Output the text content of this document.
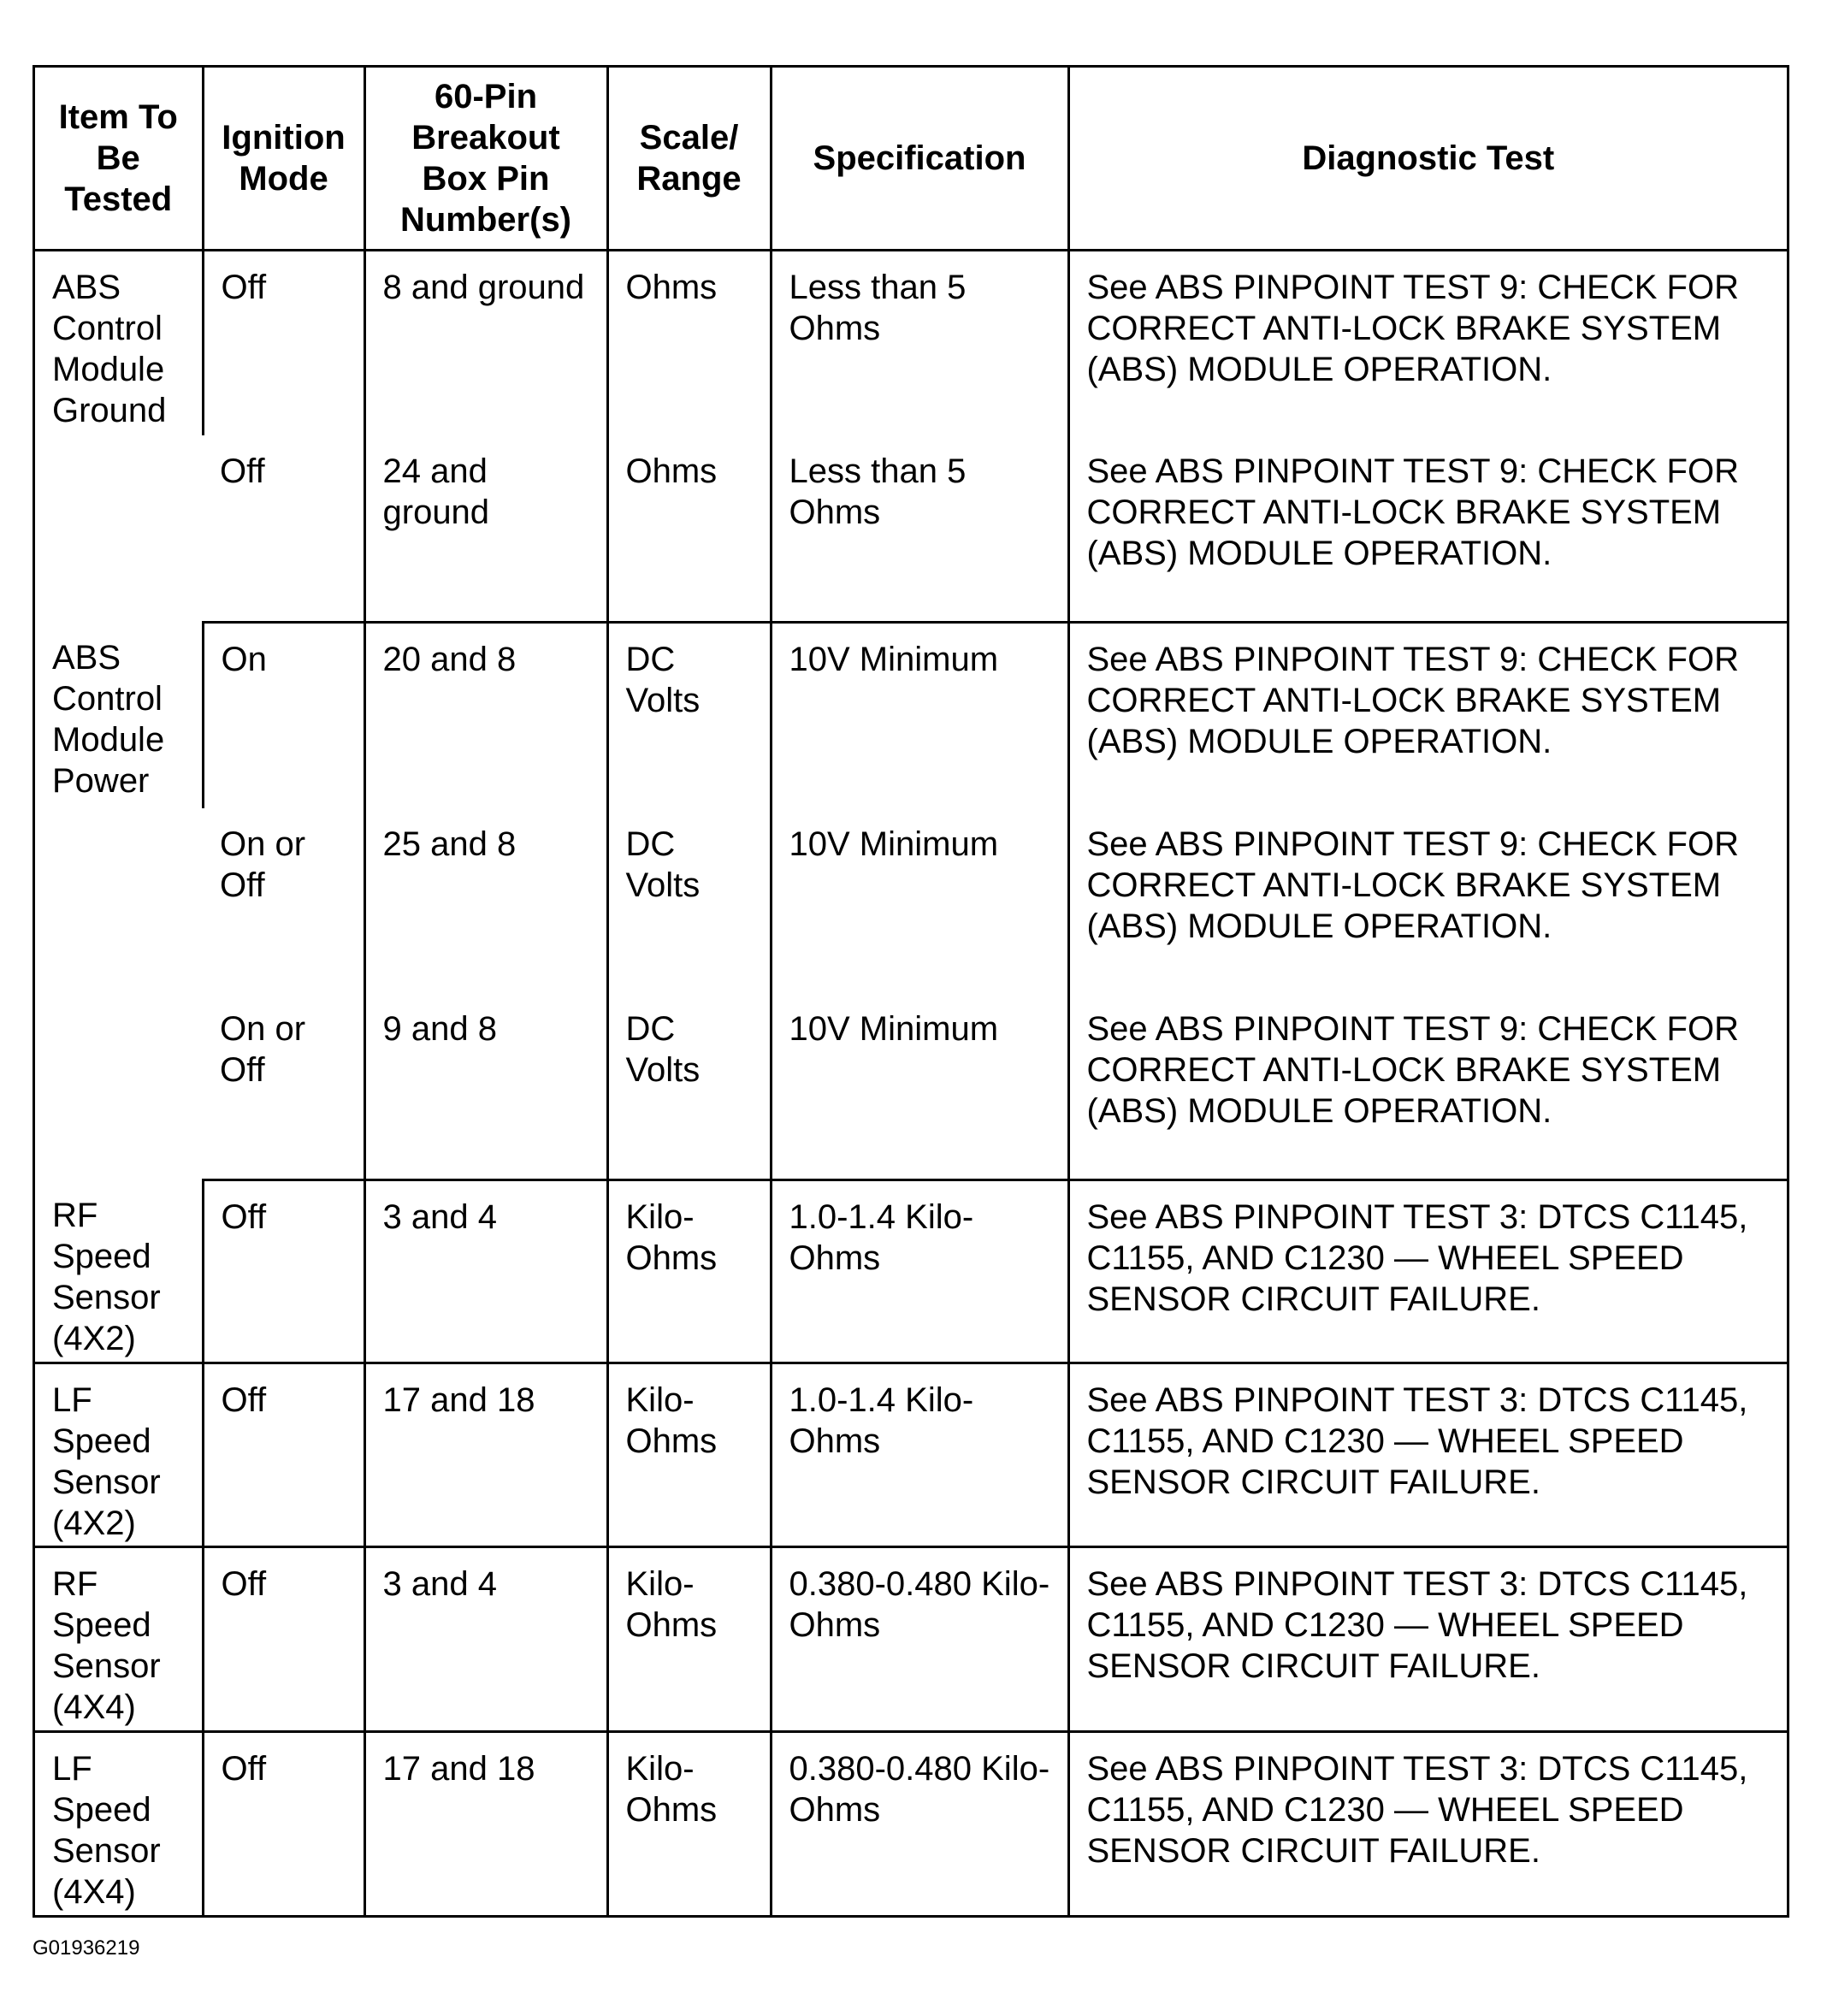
Item To Be Tested	Ignition Mode	60-Pin Breakout Box Pin Number(s)	Scale/ Range	Specification	Diagnostic Test

ABS Control Module Ground	Off	8 and ground	Ohms	Less than 5 Ohms	See ABS PINPOINT TEST 9: CHECK FOR CORRECT ANTI-LOCK BRAKE SYSTEM (ABS) MODULE OPERATION.

	Off	24 and ground	Ohms	Less than 5 Ohms	See ABS PINPOINT TEST 9: CHECK FOR CORRECT ANTI-LOCK BRAKE SYSTEM (ABS) MODULE OPERATION.

ABS Control Module Power	On	20 and 8	DC Volts	10V Minimum	See ABS PINPOINT TEST 9: CHECK FOR CORRECT ANTI-LOCK BRAKE SYSTEM (ABS) MODULE OPERATION.

	On or Off	25 and 8	DC Volts	10V Minimum	See ABS PINPOINT TEST 9: CHECK FOR CORRECT ANTI-LOCK BRAKE SYSTEM (ABS) MODULE OPERATION.

	On or Off	9 and 8	DC Volts	10V Minimum	See ABS PINPOINT TEST 9: CHECK FOR CORRECT ANTI-LOCK BRAKE SYSTEM (ABS) MODULE OPERATION.

RF Speed Sensor (4X2)	Off	3 and 4	Kilo-Ohms	1.0-1.4 Kilo-Ohms	See ABS PINPOINT TEST 3: DTCS C1145, C1155, AND C1230 — WHEEL SPEED SENSOR CIRCUIT FAILURE.

LF Speed Sensor (4X2)	Off	17 and 18	Kilo-Ohms	1.0-1.4 Kilo-Ohms	See ABS PINPOINT TEST 3: DTCS C1145, C1155, AND C1230 — WHEEL SPEED SENSOR CIRCUIT FAILURE.

RF Speed Sensor (4X4)	Off	3 and 4	Kilo-Ohms	0.380-0.480 Kilo-Ohms	See ABS PINPOINT TEST 3: DTCS C1145, C1155, AND C1230 — WHEEL SPEED SENSOR CIRCUIT FAILURE.

LF Speed Sensor (4X4)	Off	17 and 18	Kilo-Ohms	0.380-0.480 Kilo-Ohms	See ABS PINPOINT TEST 3: DTCS C1145, C1155, AND C1230 — WHEEL SPEED SENSOR CIRCUIT FAILURE.
G01936219
